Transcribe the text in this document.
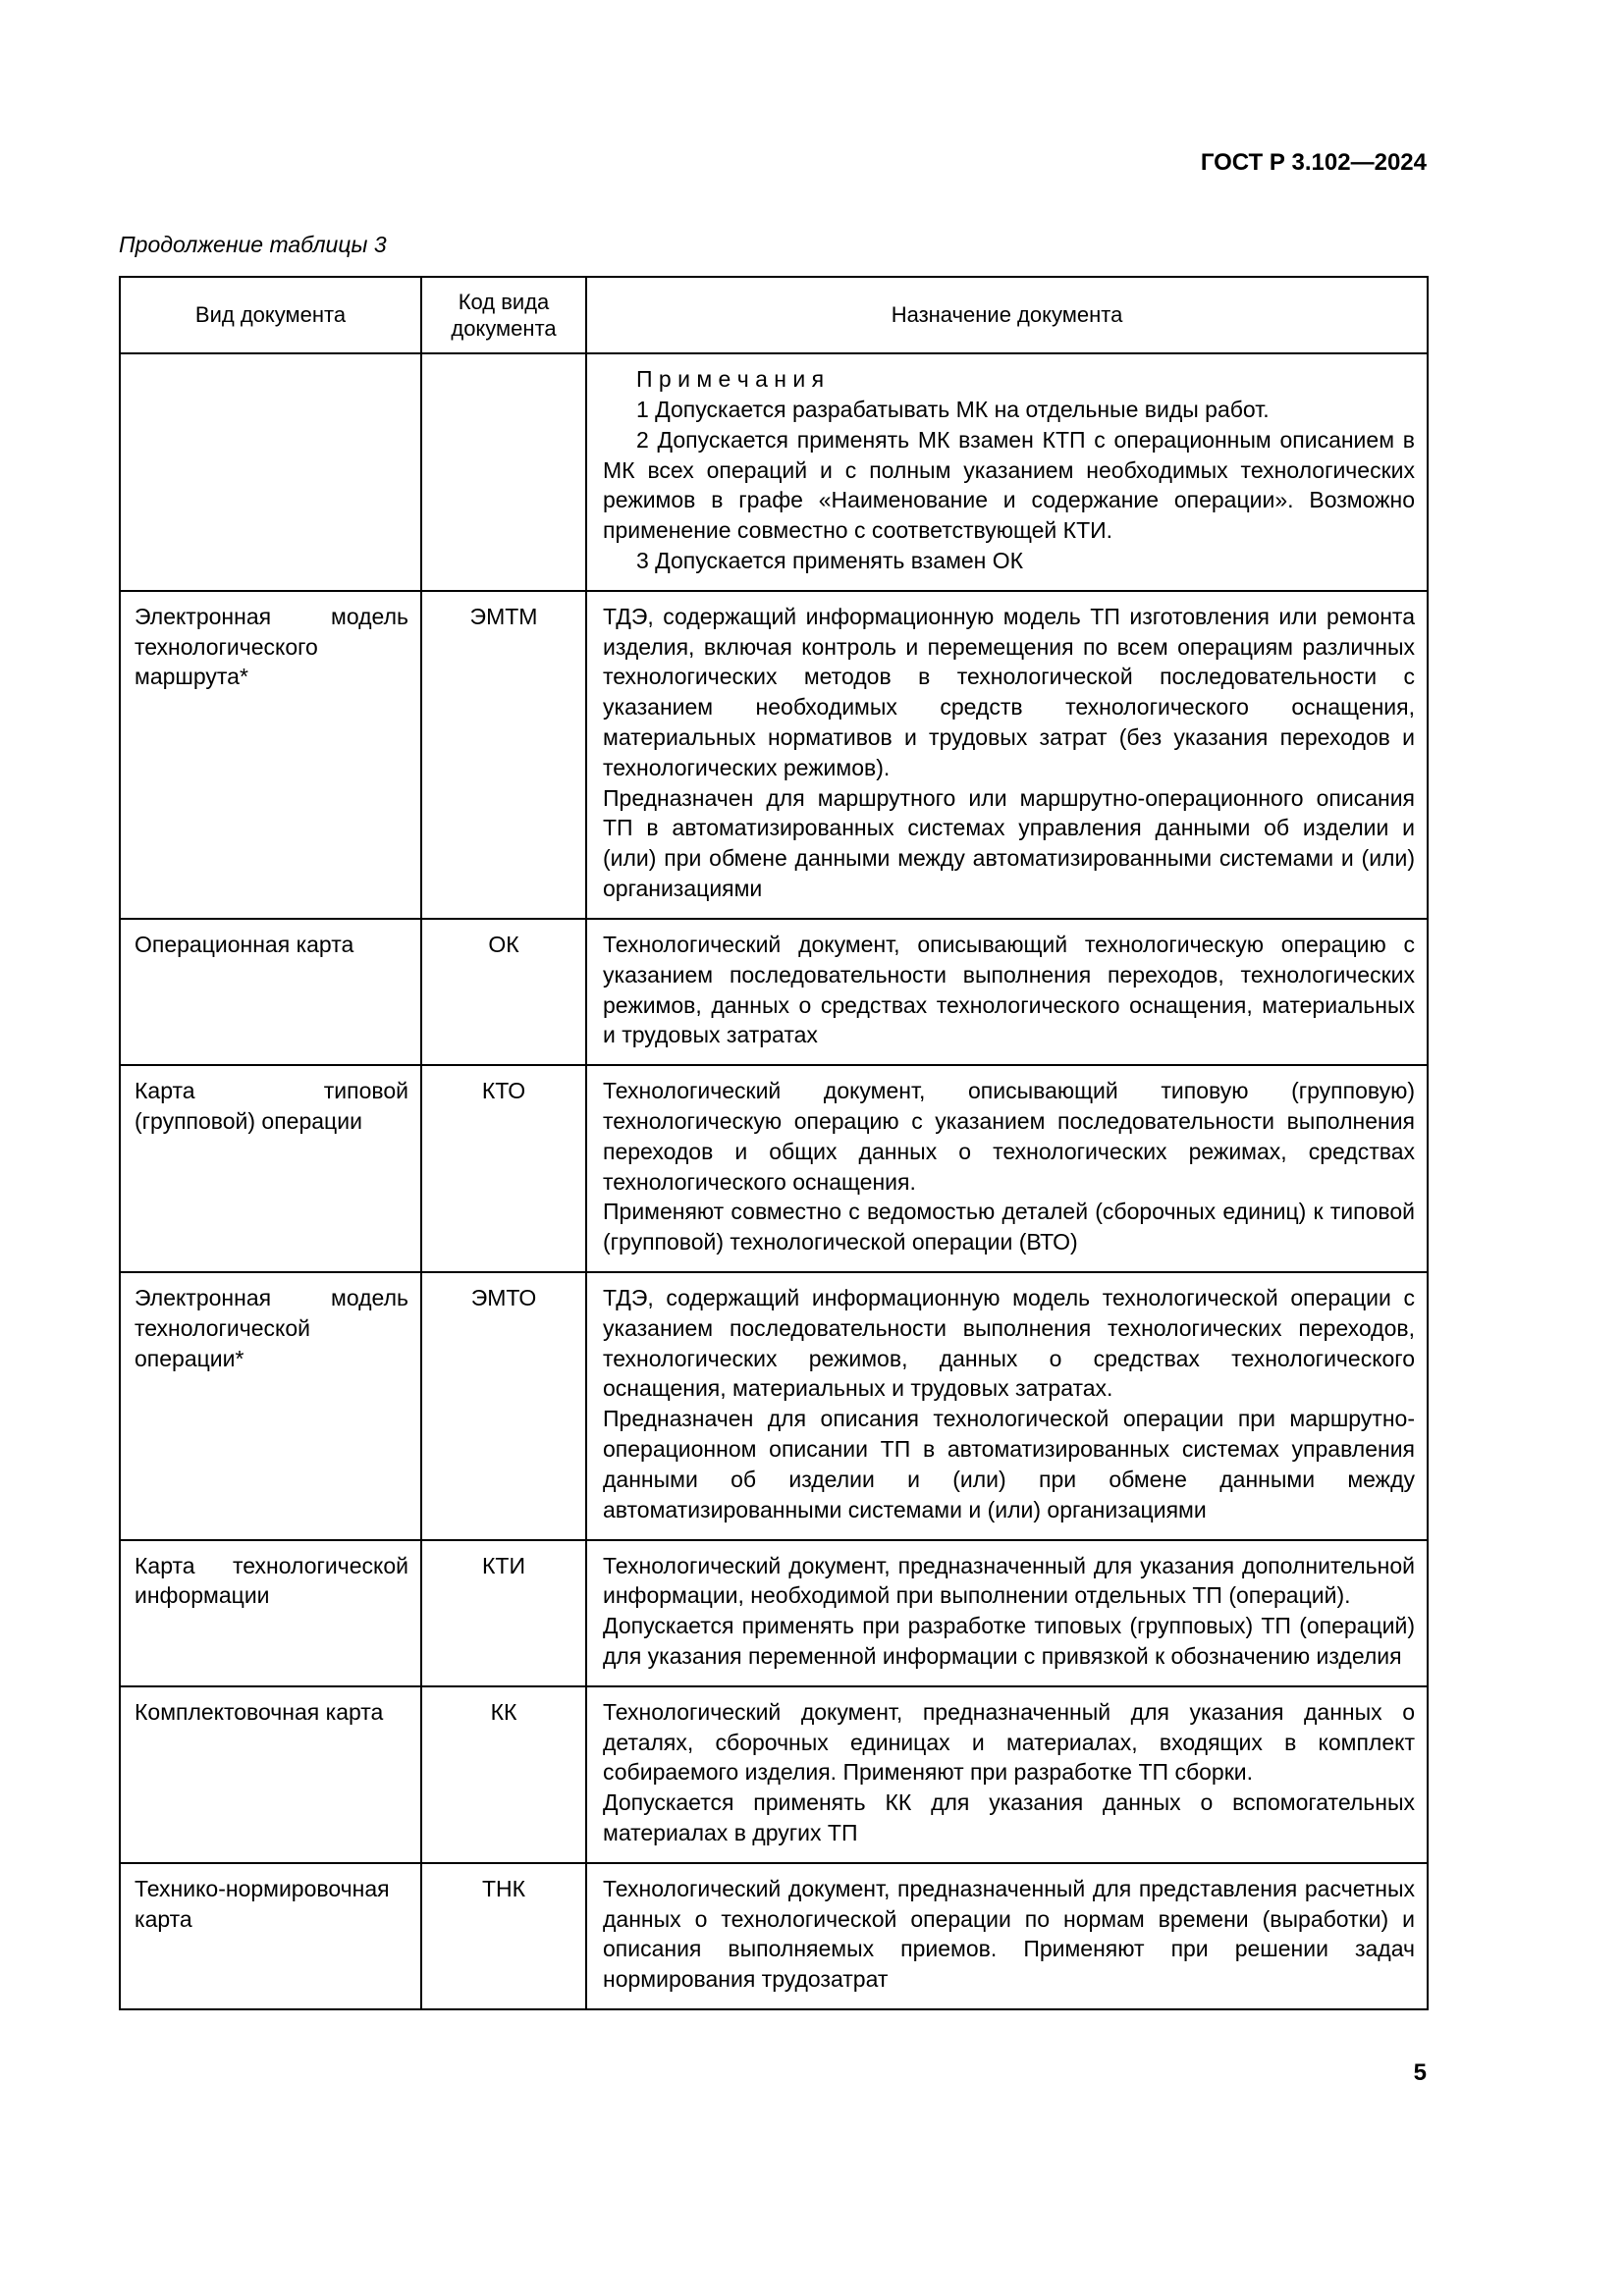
ГОСТ Р 3.102—2024
Продолжение таблицы 3
Вид документа	Код вида документа	Назначение документа

		П р и м е ч а н и я

1 Допускается разрабатывать МК на отдельные виды работ.

2 Допускается применять МК взамен КТП с операционным описанием в МК всех операций и с полным указанием необходимых технологических режимов в графе «Наименование и содержание операции». Возможно применение совместно с соответствующей КТИ.

3 Допускается применять взамен ОК

Электронная модель технологического маршрута*	ЭМТМ	ТДЭ, содержащий информационную модель ТП изготовления или ремонта изделия, включая контроль и перемещения по всем операциям различных технологических методов в технологической последовательности с указанием необходимых средств технологического оснащения, материальных нормативов и трудовых затрат (без указания переходов и технологических режимов).

Предназначен для маршрутного или маршрутно-операционного описания ТП в автоматизированных системах управления данными об изделии и (или) при обмене данными между автоматизированными системами и (или) организациями

Операционная карта	ОК	Технологический документ, описывающий технологическую операцию с указанием последовательности выполнения переходов, технологических режимов, данных о средствах технологического оснащения, материальных и трудовых затратах

Карта типовой (групповой) операции	КТО	Технологический документ, описывающий типовую (групповую) технологическую операцию с указанием последовательности выполнения переходов и общих данных о технологических режимах, средствах технологического оснащения.

Применяют совместно с ведомостью деталей (сборочных единиц) к типовой (групповой) технологической операции (ВТО)

Электронная модель технологической операции*	ЭМТО	ТДЭ, содержащий информационную модель технологической операции с указанием последовательности выполнения технологических переходов, технологических режимов, данных о средствах технологического оснащения, материальных и трудовых затратах.

Предназначен для описания технологической операции при маршрутно-операционном описании ТП в автоматизированных системах управления данными об изделии и (или) при обмене данными между автоматизированными системами и (или) организациями

Карта технологической информации	КТИ	Технологический документ, предназначенный для указания дополнительной информации, необходимой при выполнении отдельных ТП (операций).

Допускается применять при разработке типовых (групповых) ТП (операций) для указания переменной информации с привязкой к обозначению изделия

Комплектовочная карта	КК	Технологический документ, предназначенный для указания данных о деталях, сборочных единицах и материалах, входящих в комплект собираемого изделия. Применяют при разработке ТП сборки.

Допускается применять КК для указания данных о вспомогательных материалах в других ТП

Технико-нормировочная карта	ТНК	Технологический документ, предназначенный для представления расчетных данных о технологической операции по нормам времени (выработки) и описания выполняемых приемов. Применяют при решении задач нормирования трудозатрат

5
